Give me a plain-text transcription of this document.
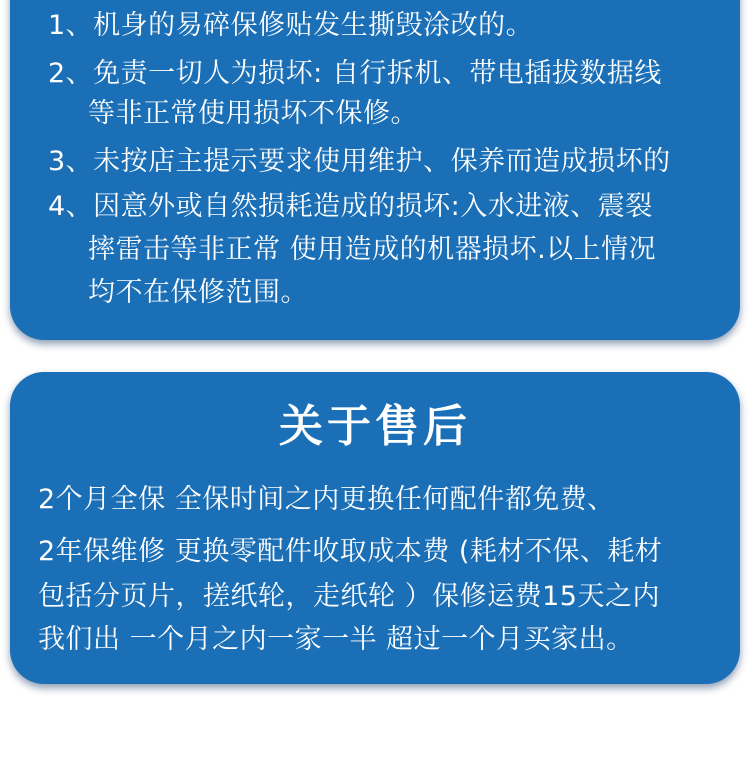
1、机身的易碎保修贴发生撕毁涂改的。
2、免责一切人为损坏: 自行拆机、带电插拔数据线
等非正常使用损坏不保修。
3、未按店主提示要求使用维护、保养而造成损坏的
4、因意外或自然损耗造成的损坏:入水进液、震裂
摔雷击等非正常 使用造成的机器损坏.以上情况
均不在保修范围。
关于售后
2个月全保 全保时间之内更换任何配件都免费、
2年保维修 更换零配件收取成本费 (耗材不保、耗材
包括分页片，搓纸轮，走纸轮 ）保修运费15天之内
我们出 一个月之内一家一半 超过一个月买家出。
